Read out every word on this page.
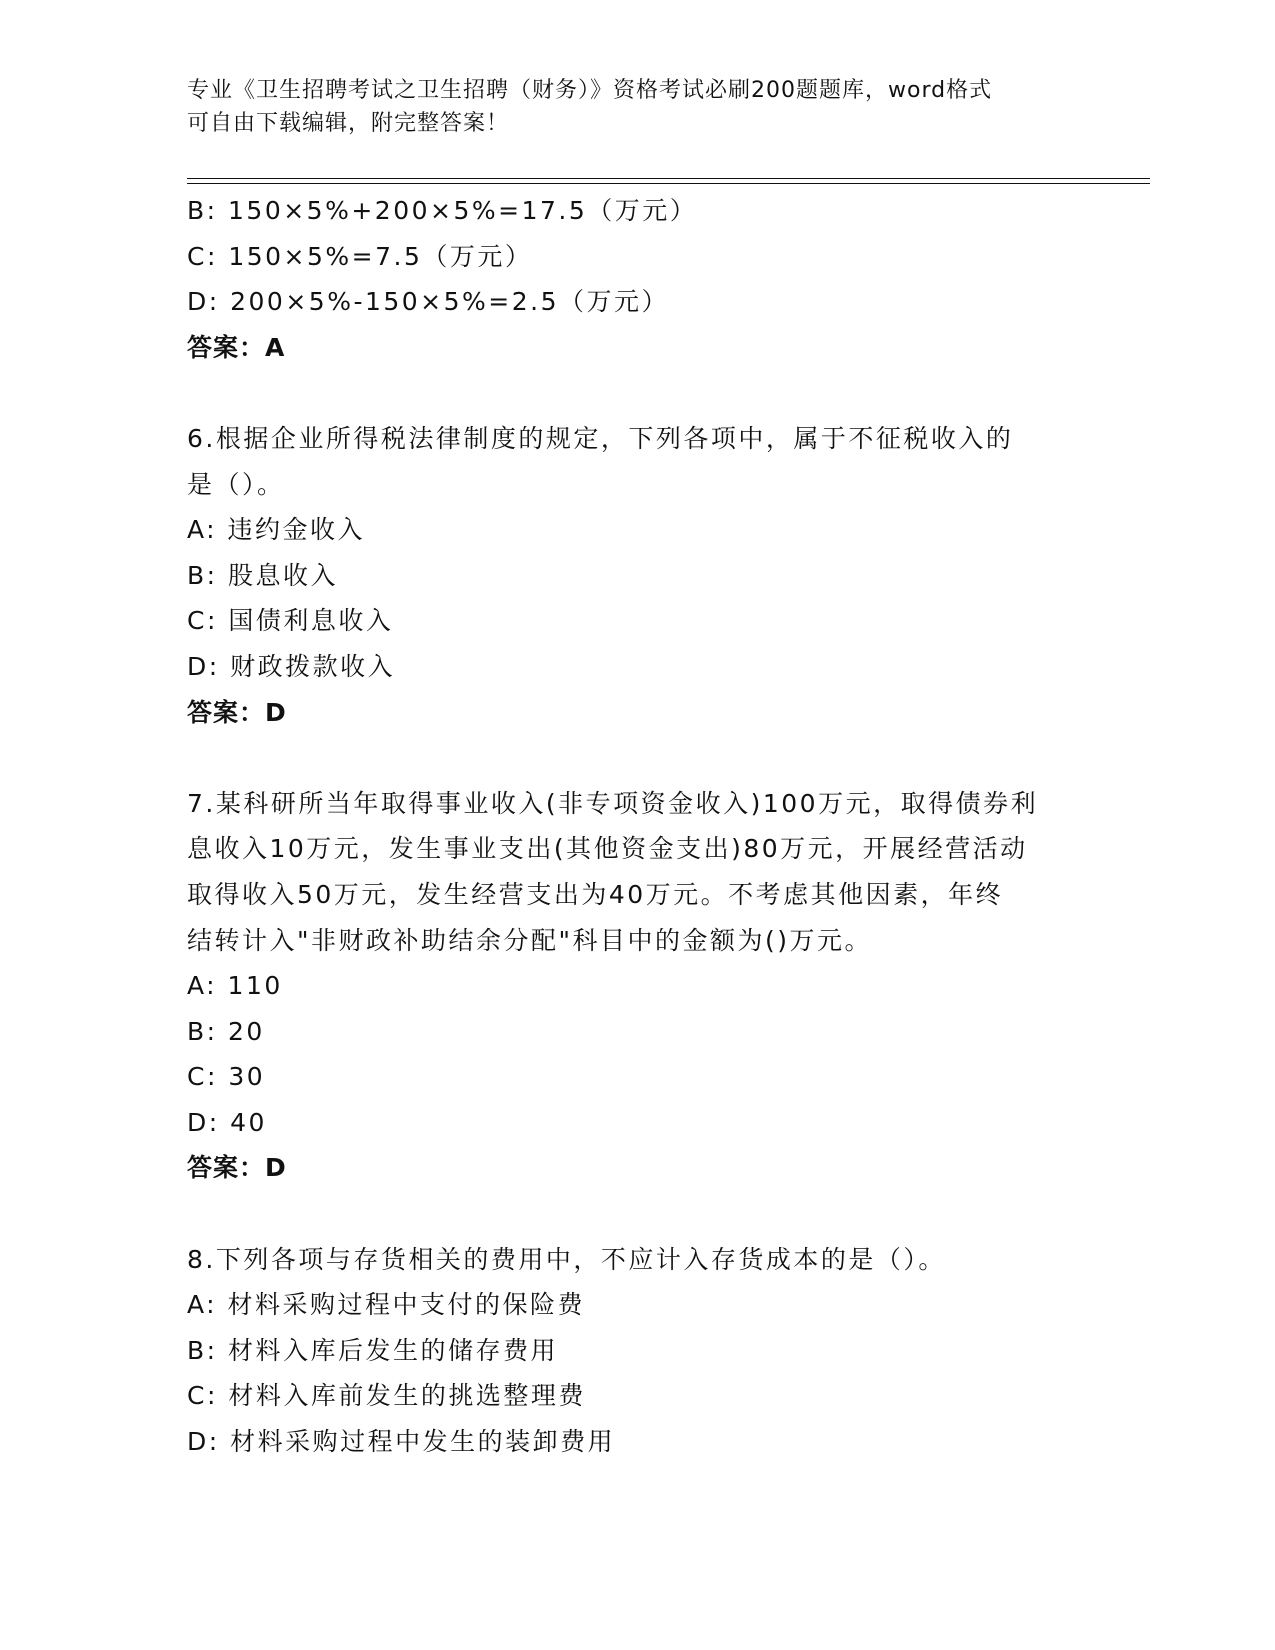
专业《卫生招聘考试之卫生招聘（财务）》资格考试必刷200题题库，word格式
可自由下载编辑，附完整答案！
B: 150×5%+200×5%=17.5（万元）
C: 150×5%=7.5（万元）
D: 200×5%-150×5%=2.5（万元）
答案：A
6.根据企业所得税法律制度的规定，下列各项中，属于不征税收入的
是（）。
A: 违约金收入
B: 股息收入
C: 国债利息收入
D: 财政拨款收入
答案：D
7.某科研所当年取得事业收入(非专项资金收入)100万元，取得债券利
息收入10万元，发生事业支出(其他资金支出)80万元，开展经营活动
取得收入50万元，发生经营支出为40万元。不考虑其他因素，年终
结转计入"非财政补助结余分配"科目中的金额为()万元。
A: 110
B: 20
C: 30
D: 40
答案：D
8.下列各项与存货相关的费用中，不应计入存货成本的是（）。
A: 材料采购过程中支付的保险费
B: 材料入库后发生的储存费用
C: 材料入库前发生的挑选整理费
D: 材料采购过程中发生的装卸费用
